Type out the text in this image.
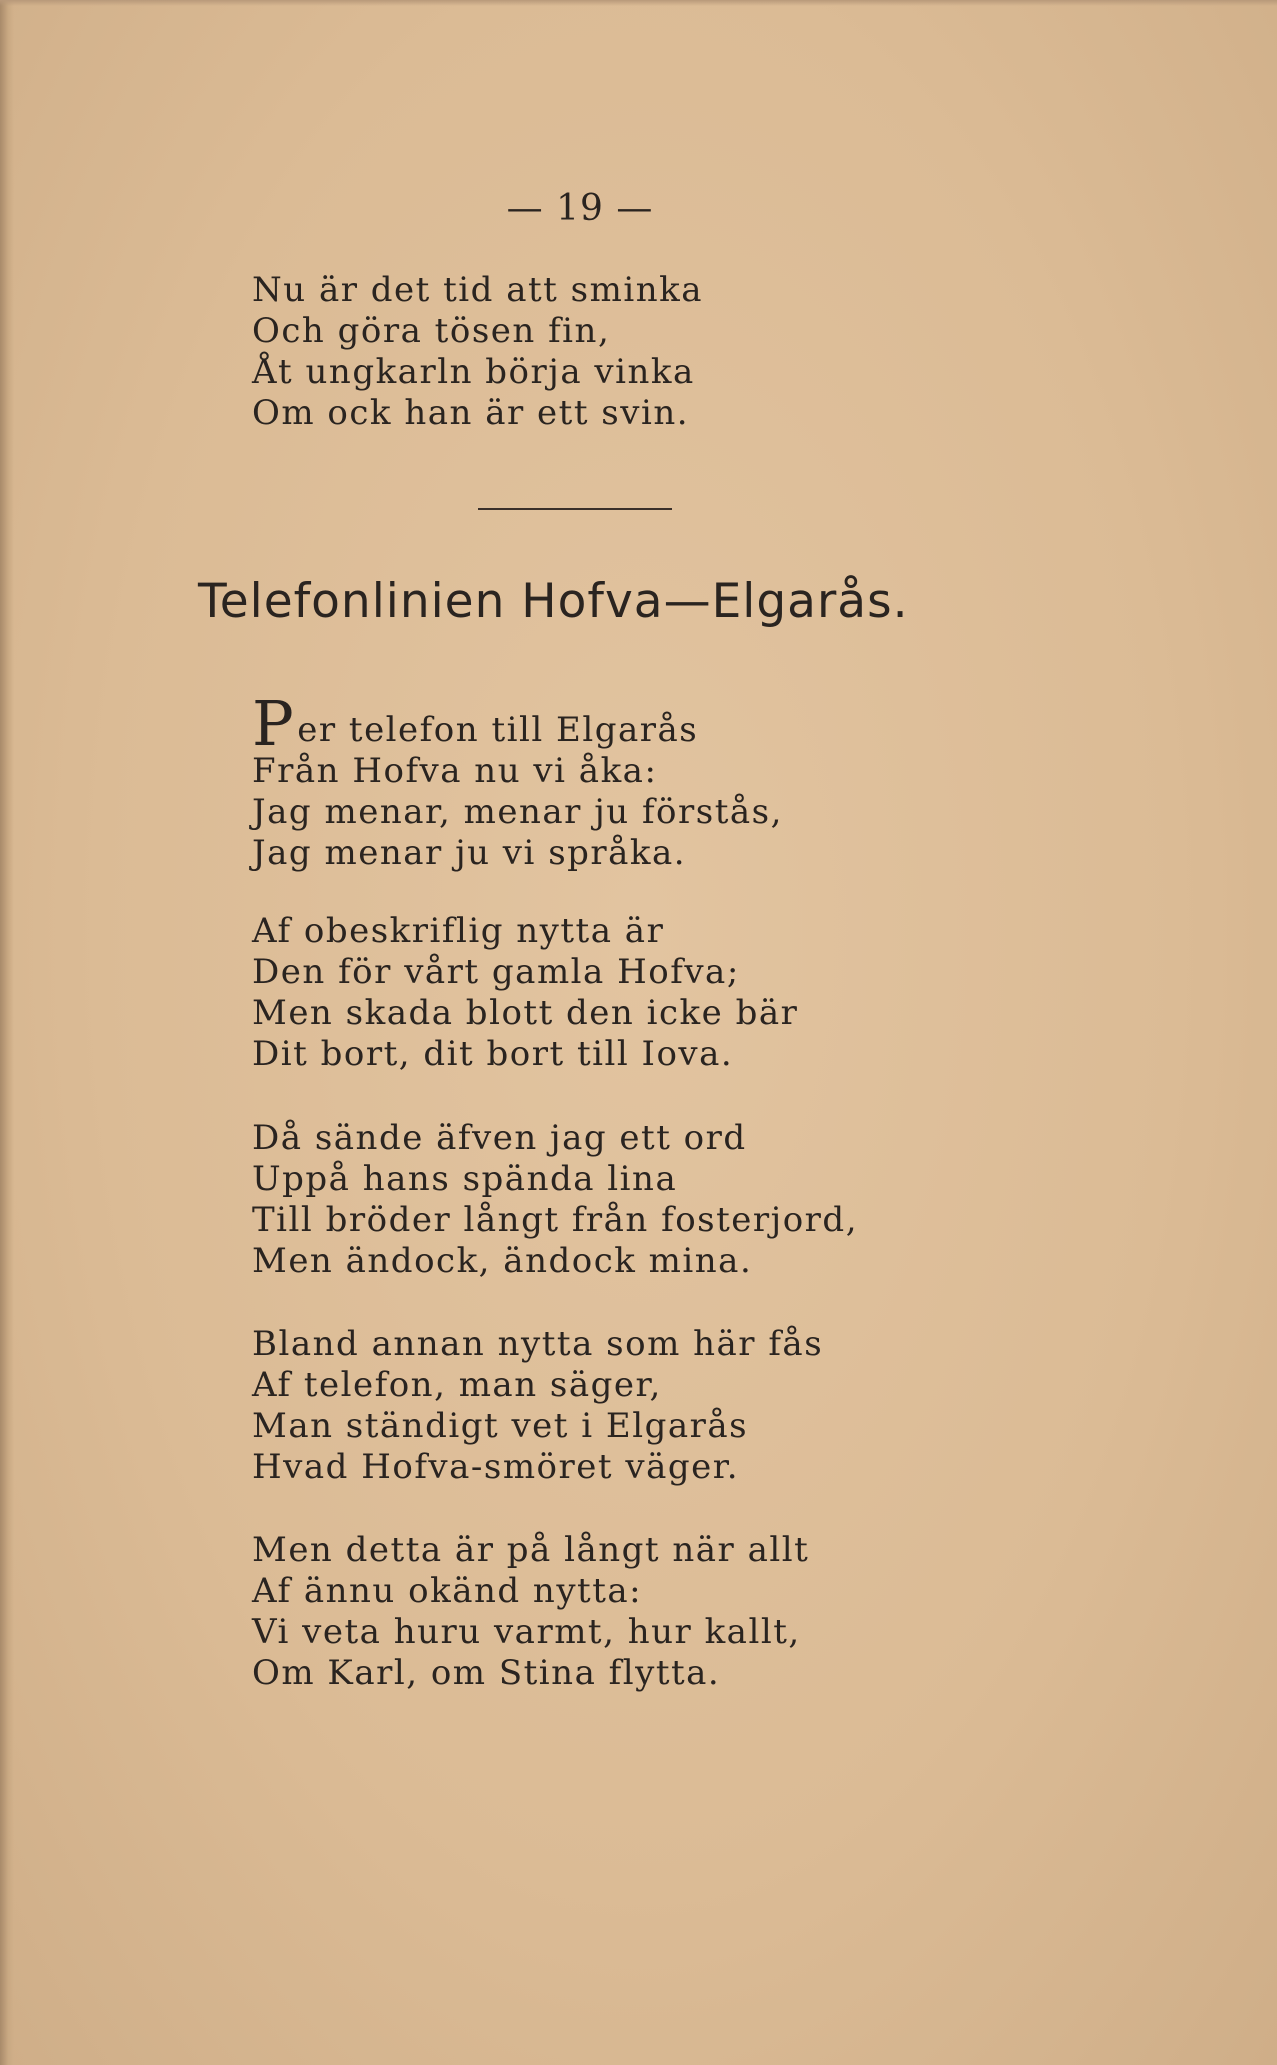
— 19 —
Nu är det tid att sminka
Och göra tösen fin,
Åt ungkarln börja vinka
Om ock han är ett svin.
Telefonlinien Hofva—Elgarås.
Per telefon till Elgarås
Från Hofva nu vi åka:
Jag menar, menar ju förstås,
Jag menar ju vi språka.
Af obeskriflig nytta är
Den för vårt gamla Hofva;
Men skada blott den icke bär
Dit bort, dit bort till Iova.
Då sände äfven jag ett ord
Uppå hans spända lina
Till bröder långt från fosterjord,
Men ändock, ändock mina.
Bland annan nytta som här fås
Af telefon, man säger,
Man ständigt vet i Elgarås
Hvad Hofva-smöret väger.
Men detta är på långt när allt
Af ännu okänd nytta:
Vi veta huru varmt, hur kallt,
Om Karl, om Stina flytta.
